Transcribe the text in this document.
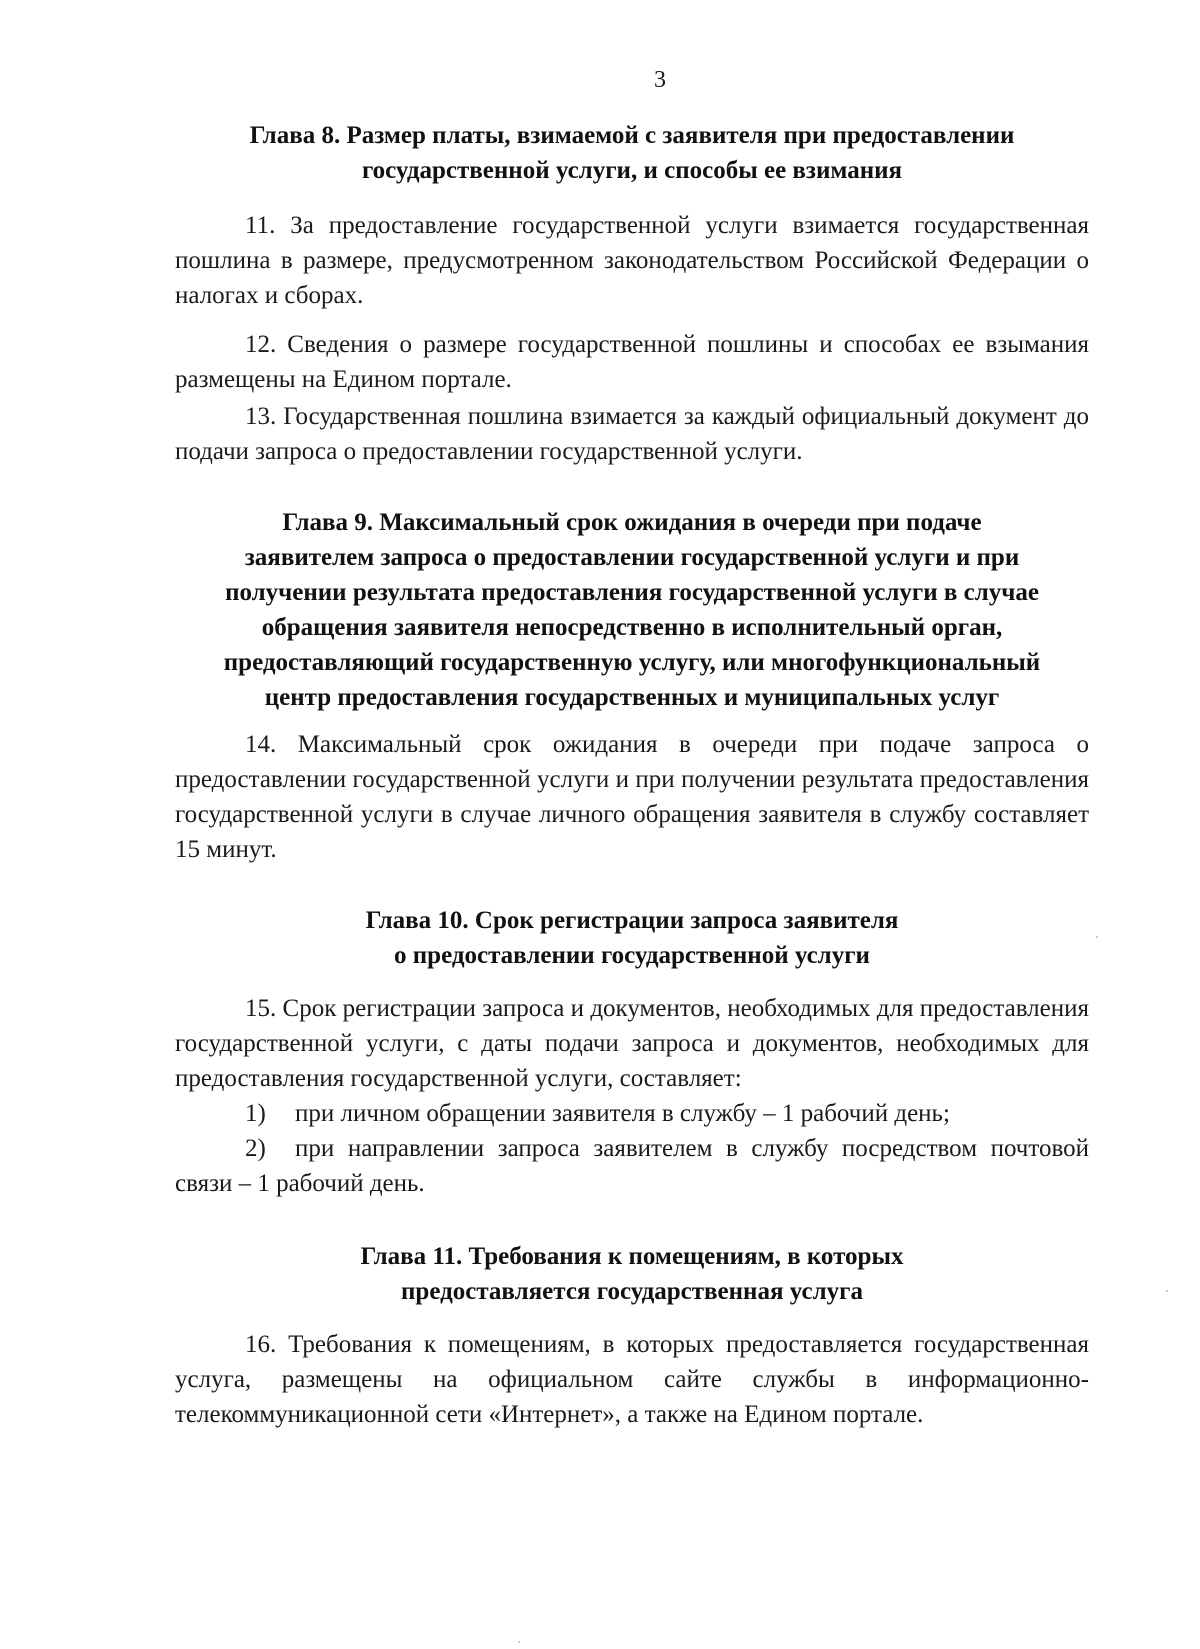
3

Глава 8. Размер платы, взимаемой с заявителя при предоставлении
государственной услуги, и способы ее взимания

11. За предоставление государственной услуги взимается государственная пошлина в размере, предусмотренном законодательством Российской Федерации о налогах и сборах.

12. Сведения о размере государственной пошлины и способах ее взымания размещены на Едином портале.

13. Государственная пошлина взимается за каждый официальный документ до подачи запроса о предоставлении государственной услуги.

Глава 9. Максимальный срок ожидания в очереди при подаче
заявителем запроса о предоставлении государственной услуги и при
получении результата предоставления государственной услуги в случае
обращения заявителя непосредственно в исполнительный орган,
предоставляющий государственную услугу, или многофункциональный
центр предоставления государственных и муниципальных услуг

14. Максимальный срок ожидания в очереди при подаче запроса о предоставлении государственной услуги и при получении результата предоставления государственной услуги в случае личного обращения заявителя в службу составляет 15 минут.

Глава 10. Срок регистрации запроса заявителя
о предоставлении государственной услуги

15. Срок регистрации запроса и документов, необходимых для предоставления государственной услуги, с даты подачи запроса и документов, необходимых для предоставления государственной услуги, составляет:

1) при личном обращении заявителя в службу – 1 рабочий день;

2) при направлении запроса заявителем в службу посредством почтовой связи – 1 рабочий день.

Глава 11. Требования к помещениям, в которых
предоставляется государственная услуга

16. Требования к помещениям, в которых предоставляется государственная услуга, размещены на официальном сайте службы в информационно-телекоммуникационной сети «Интернет», а также на Едином портале.
